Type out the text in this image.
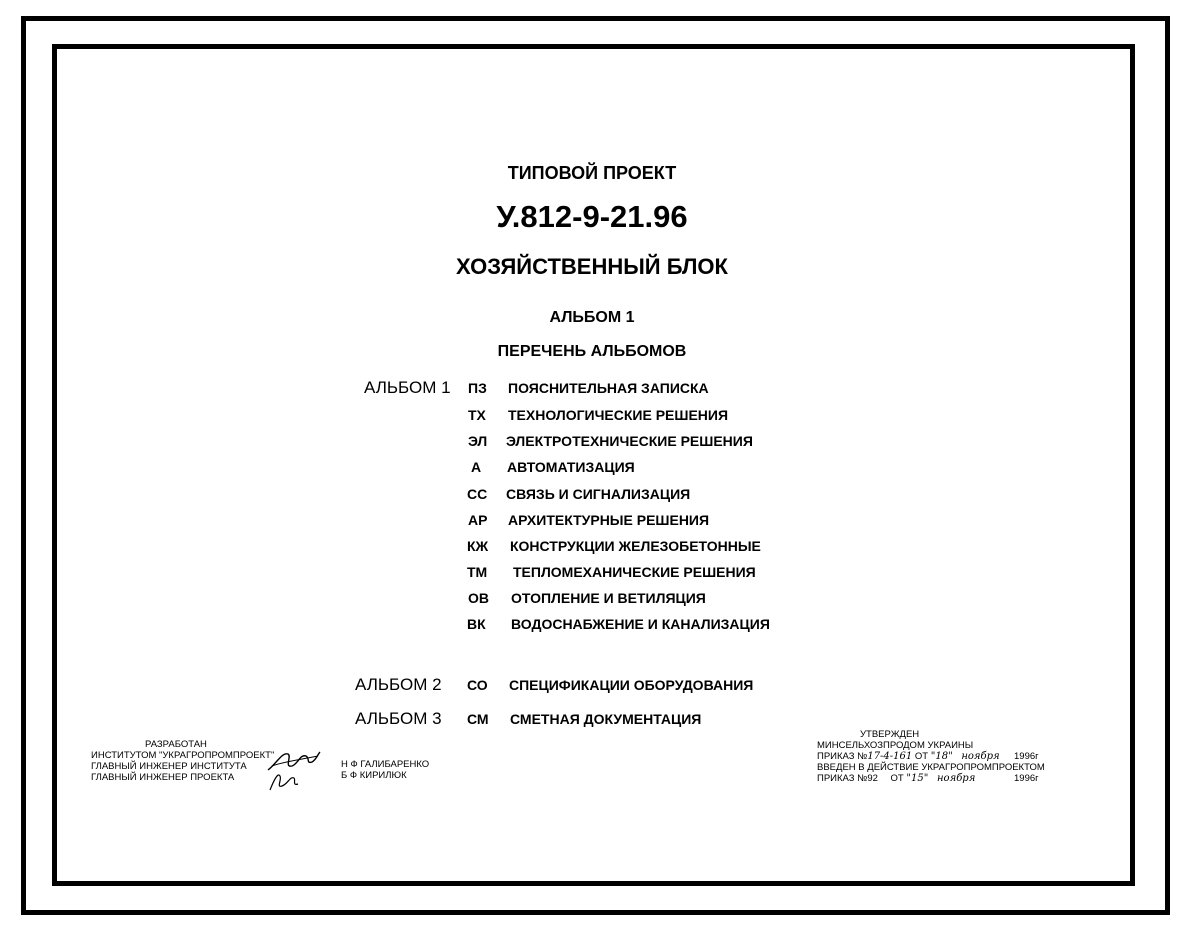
ТИПОВОЙ ПРОЕКТ
У.812-9-21.96
ХОЗЯЙСТВЕННЫЙ БЛОК
АЛЬБОМ 1
ПЕРЕЧЕНЬ АЛЬБОМОВ
АЛЬБОМ 1 ПЗ ПОЯСНИТЕЛЬНАЯ ЗАПИСКА
ТХ ТЕХНОЛОГИЧЕСКИЕ РЕШЕНИЯ
ЭЛ ЭЛЕКТРОТЕХНИЧЕСКИЕ РЕШЕНИЯ
А АВТОМАТИЗАЦИЯ
СС СВЯЗЬ И СИГНАЛИЗАЦИЯ
АР АРХИТЕКТУРНЫЕ РЕШЕНИЯ
КЖ КОНСТРУКЦИИ ЖЕЛЕЗОБЕТОННЫЕ
ТМ ТЕПЛОМЕХАНИЧЕСКИЕ РЕШЕНИЯ
ОВ ОТОПЛЕНИЕ И ВЕТИЛЯЦИЯ
ВК ВОДОСНАБЖЕНИЕ И КАНАЛИЗАЦИЯ
АЛЬБОМ 2 СО СПЕЦИФИКАЦИИ ОБОРУДОВАНИЯ
АЛЬБОМ 3 СМ СМЕТНАЯ ДОКУМЕНТАЦИЯ
РАЗРАБОТАН
ИНСТИТУТОМ "УКРАГРОПРОМПРОЕКТ"
ГЛАВНЫЙ ИНЖЕНЕР ИНСТИТУТА
ГЛАВНЫЙ ИНЖЕНЕР ПРОЕКТА
Н Ф ГАЛИБАРЕНКО
Б Ф КИРИЛЮК
УТВЕРЖДЕН
МИНСЕЛЬХОЗПРОДОМ УКРАИНЫ
ПРИКАЗ №17-4-161 ОТ "18" ноября 1996г
ВВЕДЕН В ДЕЙСТВИЕ УКРАГРОПРОМПРОЕКТОМ
ПРИКАЗ №92 ОТ "15" ноября	1996г
